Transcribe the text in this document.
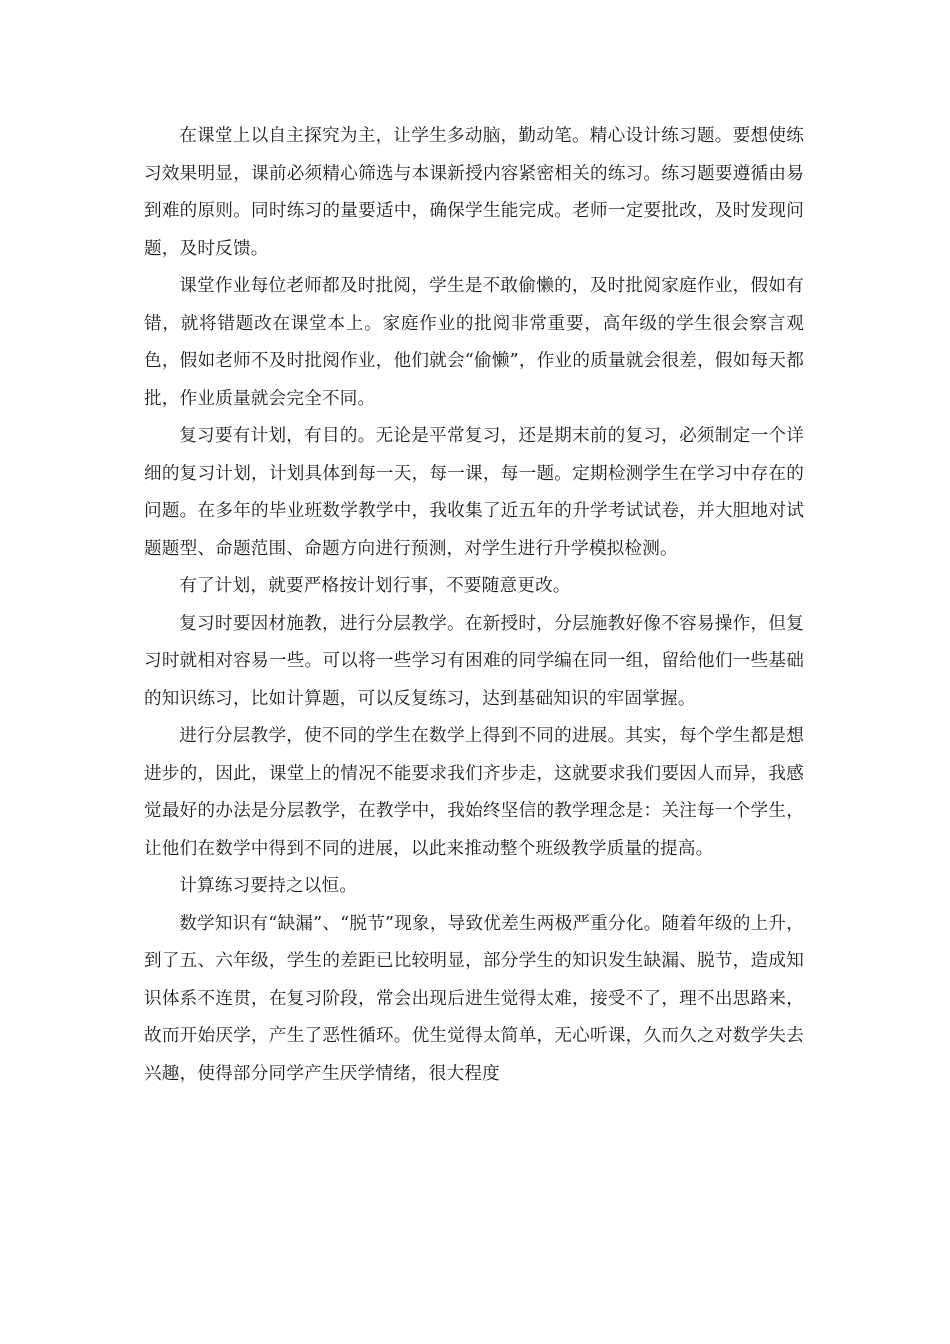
在课堂上以自主探究为主，让学生多动脑，勤动笔。精心设计练习题。要想使练习效果明显，课前必须精心筛选与本课新授内容紧密相关的练习。练习题要遵循由易到难的原则。同时练习的量要适中，确保学生能完成。老师一定要批改，及时发现问题，及时反馈。

课堂作业每位老师都及时批阅，学生是不敢偷懒的，及时批阅家庭作业，假如有错，就将错题改在课堂本上。家庭作业的批阅非常重要，高年级的学生很会察言观色，假如老师不及时批阅作业，他们就会“偷懒”，作业的质量就会很差，假如每天都批，作业质量就会完全不同。

复习要有计划，有目的。无论是平常复习，还是期末前的复习，必须制定一个详细的复习计划，计划具体到每一天，每一课，每一题。定期检测学生在学习中存在的问题。在多年的毕业班数学教学中，我收集了近五年的升学考试试卷，并大胆地对试题题型、命题范围、命题方向进行预测，对学生进行升学模拟检测。

有了计划，就要严格按计划行事，不要随意更改。

复习时要因材施教，进行分层教学。在新授时，分层施教好像不容易操作，但复习时就相对容易一些。可以将一些学习有困难的同学编在同一组，留给他们一些基础的知识练习，比如计算题，可以反复练习，达到基础知识的牢固掌握。

进行分层教学，使不同的学生在数学上得到不同的进展。其实，每个学生都是想进步的，因此，课堂上的情况不能要求我们齐步走，这就要求我们要因人而异，我感觉最好的办法是分层教学，在教学中，我始终坚信的教学理念是：关注每一个学生，让他们在数学中得到不同的进展，以此来推动整个班级教学质量的提高。

计算练习要持之以恒。

数学知识有“缺漏”、“脱节”现象，导致优差生两极严重分化。随着年级的上升，到了五、六年级，学生的差距已比较明显，部分学生的知识发生缺漏、脱节，造成知识体系不连贯，在复习阶段，常会出现后进生觉得太难，接受不了，理不出思路来，故而开始厌学，产生了恶性循环。优生觉得太简单，无心听课，久而久之对数学失去兴趣，使得部分同学产生厌学情绪，很大程度
